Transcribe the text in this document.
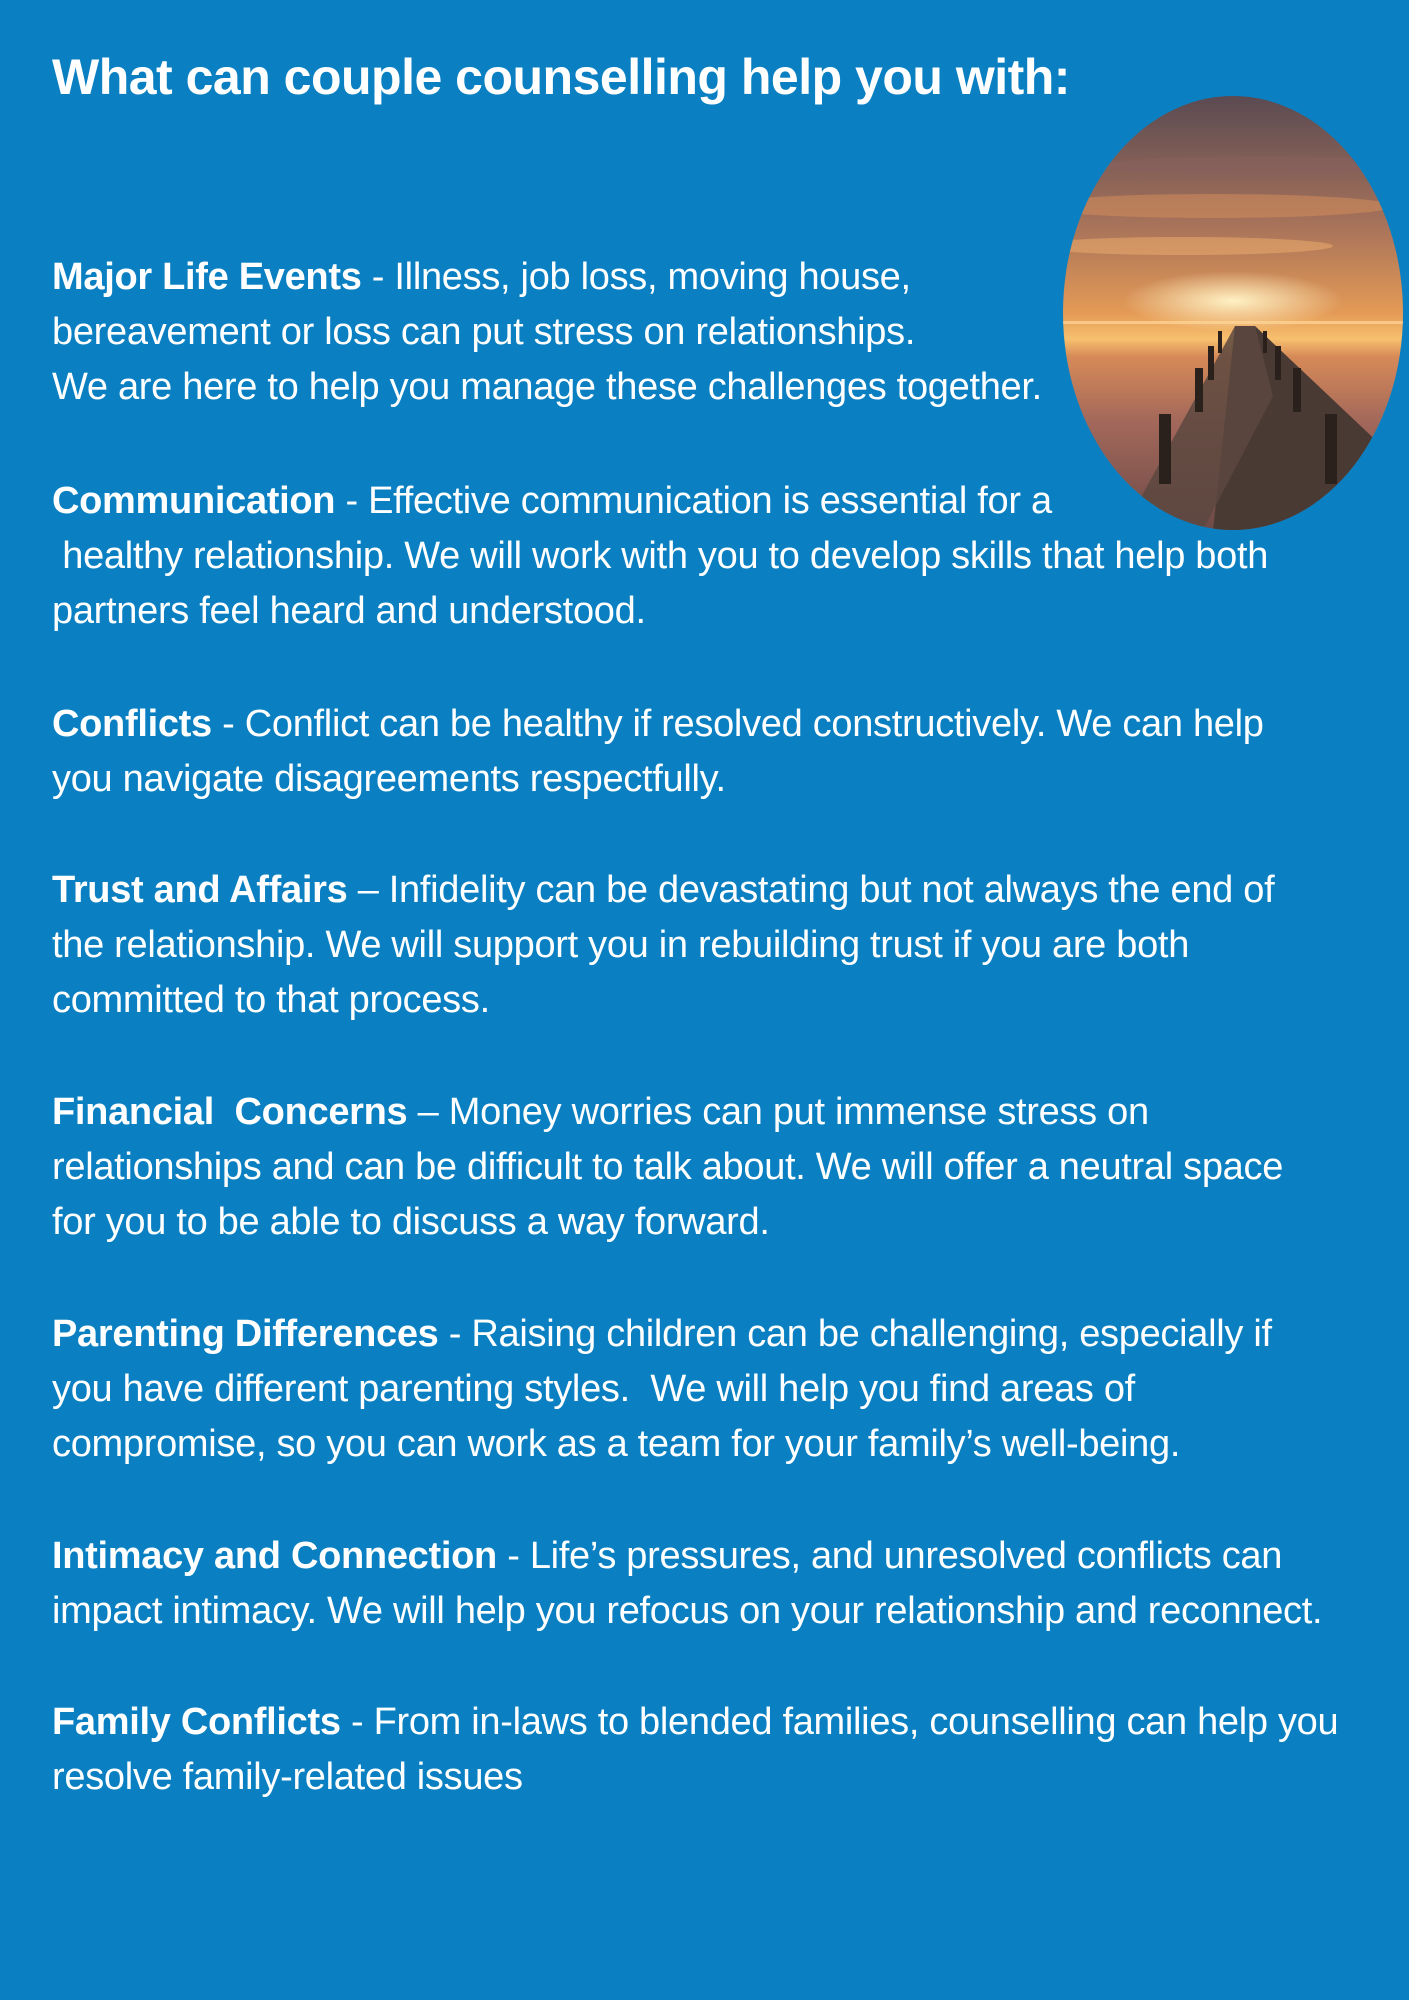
What can couple counselling help you with:

Major Life Events - Illness, job loss, moving house,
bereavement or loss can put stress on relationships.
We are here to help you manage these challenges together.

Communication - Effective communication is essential for a
healthy relationship. We will work with you to develop skills that help both
partners feel heard and understood.

Conflicts - Conflict can be healthy if resolved constructively. We can help
you navigate disagreements respectfully.

Trust and Affairs – Infidelity can be devastating but not always the end of
the relationship. We will support you in rebuilding trust if you are both
committed to that process.

Financial  Concerns – Money worries can put immense stress on
relationships and can be difficult to talk about. We will offer a neutral space
for you to be able to discuss a way forward.

Parenting Differences - Raising children can be challenging, especially if
you have different parenting styles.  We will help you find areas of
compromise, so you can work as a team for your family’s well-being.

Intimacy and Connection - Life’s pressures, and unresolved conflicts can
impact intimacy. We will help you refocus on your relationship and reconnect.

Family Conflicts - From in-laws to blended families, counselling can help you
resolve family-related issues
